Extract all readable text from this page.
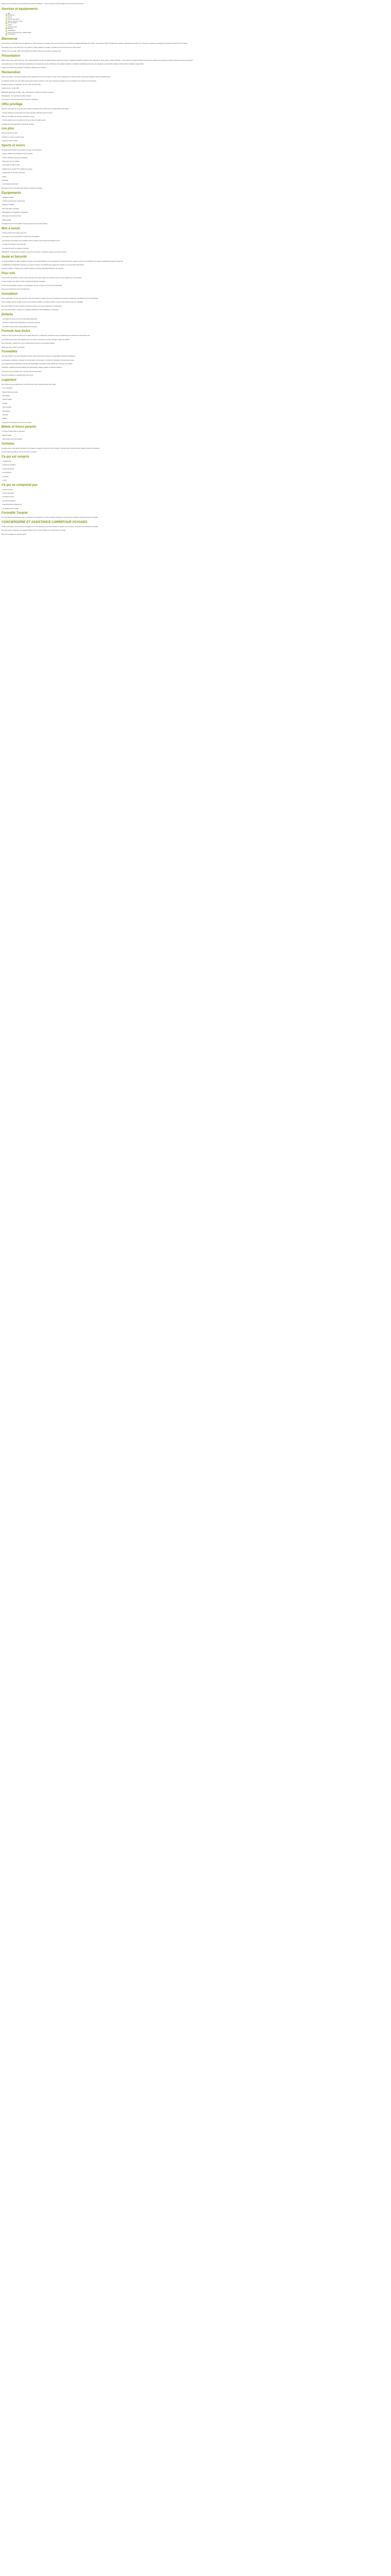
Découvrez le prix camping avec L'Escale des Jaunisoleil à Gaudenès – ce qui vous attend. Formule idéale pour les amoureux de la nature.

Services et équipements
Wifi
Restaurant
Piscine
Pizzeria (en saison)
Sauna - Hammam - Spa
Jeux de boules
Laverie
Terrain de sport
Parcours
Climatisation
Accès aux personnes à mobilité réduite
Conciergerie
Bienvenue

Le Camping Les Jaunisoleils vous accueille dans un cadre verdoyant et ombragé, à deux pas de la rivière et à proximité des villages pittoresques de la région. Vous pourrez profiter d'emplacements spacieux, délimités par des haies, pour votre tente, caravane ou camping-car, ainsi que de mobil-homes tout confort.

Nos équipes sont à votre écoute pour vous garantir un séjour agréable et reposant. L'accueil est ouvert tous les jours en haute saison.

Rendez-vous sur la page "Tarifs" pour découvrir nos offres et réserver votre séjour en quelques clics.

Présentation

Situé au cœur d'une nature préservée, notre camping familial est le point de départ idéal pour découvrir la région : randonnées pédestres, balades à vélo, baignade en rivière, pêche et visites culturelles. Le site s'étend sur plusieurs hectares et propose des espaces verts généreux où petits et grands trouveront leur bonheur.

Les emplacements sont bien délimités et bénéficient pour la plupart d'un accès à l'électricité. Des sanitaires modernes et entretenus quotidiennement sont à votre disposition, avec douches chaudes, lavabos, bacs à vaisselle et espace bébé.

Laissez-vous séduire par l'ambiance conviviale et chaleureuse du camping.

Restauration

Durant votre séjour, vous pourrez profiter de notre restaurant et de son bar, ouverts en saison. Vous y dégusterez une cuisine simple et savoureuse élaborée à partir de produits locaux.

Le restaurant propose une carte variée ainsi que des pizzas à emporter. Le bar, avec sa terrasse ombragée, est un lieu idéal pour se retrouver en fin de journée.

Horaires d'ouverture du restaurant : de 12h à 14h et de 19h à 22h.

Horaires du bar : de 9h à 23h.

Épicerie de dépannage sur place : pain, viennoiseries et produits de première nécessité.

Petit-déjeuner : sur réservation la veille à l'accueil.

Les animaux ne sont pas admis dans l'enceinte du restaurant.

Offre privilège

Réservez votre séjour au moins 30 jours à l'avance et bénéficiez d'une remise sur le montant total de votre séjour.

- 10 % de réduction sur votre séjour pour toute réservation effectuée avant le 31 mars.

Offre non cumulable avec d'autres promotions en cours.

- 15 % de réduction pour les séjours de 14 nuits et plus, hors juillet et août.

Conditions de l'offre disponibles à l'accueil du camping.

Les plus

Accès au bord de la rivière

Animations en soirée en juillet et août

Location de vélos sur place

Sports et loisirs

De nombreuses activités sont proposées sur place et aux alentours :

- Piscine chauffée avec pataugeoire pour les enfants

- Terrain multisports, ping-pong et pétanque

- Aire de jeux pour les enfants

- Club enfants en juillet et août

- Randonnées et circuits VTT au départ du camping

- Canoë-kayak sur la rivière à proximité

- Pêche

- Équitation

- Golf à quelques kilomètres

Renseignements et réservations des activités à l'accueil du camping.

Équipements

- Sanitaires chauffés

- Laverie avec lave-linge et sèche-linge

- Barbecues collectifs

- Point information touristique

- Réfrigérateurs et congélateurs à disposition

- Prêt de jeux de société et livres

- Parking gratuit

Les équipements sont accessibles à tous les campeurs durant toute la saison.

Bon à savoir

- Arrivée à partir de 14h, départ avant 12h.

- Une caution vous sera demandée à l'arrivée pour les locations.

- Les animaux sont acceptés sous conditions, tenus en laisse, et avec carnet de vaccination à jour.

- Le calme est de rigueur entre 22h et 8h.

- Les visiteurs doivent se présenter à l'accueil.

IMPORTANT : la réservation est validée à réception de l'acompte. Le solde est à régler au plus tard à l'arrivée.

Santé et Sécurité

Le camping applique les règles sanitaires en vigueur. Du gel hydroalcoolique est mis à disposition à l'accueil et dans les espaces communs. Les sanitaires sont nettoyés et désinfectés plusieurs fois par jour.

Un défibrillateur est disponible à l'accueil. Les numéros d'urgence sont affichés dans chaque bloc sanitaire et sur le panneau d'informations.

En cas de problème, n'hésitez pas à contacter l'équipe du camping, disponible 24h/24 pour les urgences.

Pour info

Tous les tarifs sont indiqués en euros, taxes comprises, hors taxe de séjour. Ils s'entendent par nuit et par emplacement ou par location.

La taxe de séjour est à régler sur place et dépend de l'âge des occupants.

Les prix sont susceptibles d'évoluer. Le tarif appliqué est celui en vigueur au moment de la réservation.

Nous vous remercions de votre compréhension.

Annulation

En cas d'annulation de votre part, l'acompte versé reste acquis au camping. Nous vous conseillons de souscrire une assurance annulation lors de votre réservation.

Toute annulation doit être notifiée par écrit. En cas d'arrivée retardée ou de départ anticipé, le séjour réservé reste dû dans son intégralité.

En cas d'annulation du fait du camping, les sommes versées vous seront intégralement remboursées.

Pour plus d'informations, consultez nos conditions générales de vente disponibles sur demande.

Enfants

- Les enfants de moins de 2 ans sont accueillis gratuitement.

- Lits bébé et chaises hautes disponibles sur demande à l'accueil.

- Les enfants restent sous la responsabilité de leurs parents.

Formule tout inclus

Profitez de notre formule tout inclus pour un séjour sans souci : emplacement, électricité, accès aux infrastructures et animations compris dans le prix.

Les formules peuvent être personnalisées selon vos envies : demi-pension, pension complète, location de matériel.

Pour les groupes, n'hésitez pas à nous contacter afin de recevoir une proposition adaptée.

Renseignements et tarifs sur demande.

Formalités

Une pièce d'identité vous sera demandée à l'arrivée. Pour les personnes mineures, une autorisation parentale est obligatoire.

La réservation est définitive à réception du contrat signé et de l'acompte. Un email de confirmation vous sera alors envoyé.

Les emplacements sont attribués en fonction des disponibilités. Nous ferons notre possible pour respecter vos souhaits.

A SAVOIR : le paiement peut être effectué par carte bancaire, chèque, espèces ou chèques vacances.

L'accueil est ouvert de 8h30 à 12h et de 14h à 19h en haute saison.

Nous vous souhaitons un agréable séjour parmi nous.

Logement

Nos mobil-homes sont équipés pour vous offrir tout le confort nécessaire durant votre séjour :

- 2 ou 3 chambres

- Salle de bain avec douche

- WC séparés

- Cuisine équipée

- Terrasse

- Salon de jardin

- Climatisation

- Télévision

- Parking

Le linge de lit et de toilette peut être loué sur place.

Bébés et futurs parents

- Lit bébé et chaise haute sur demande

- Baignoire bébé

- Table à langer dans les sanitaires

Activités

En juillet et août, notre équipe d'animation vous propose un programme varié pour toute la famille : tournois sportifs, soirées à thème, karaoké, concerts et spectacles.

Le club enfants accueille les 4-12 ans du lundi au vendredi.

Ce qui est compris

- L'emplacement

- L'accès aux sanitaires

- L'accès à la piscine

- Les animations

- Le parking

- Le Wifi

Ce qui ne comprend pas

- La taxe de séjour

- Les frais de dossier

- La location de linge

- Les activités payantes

- L'électricité (selon emplacement)

- Le ménage de fin de séjour

Formalité Turquie

Les ressortissants français doivent être en possession d'un passeport en cours de validité. Renseignez-vous auprès des autorités compétentes avant votre départ.

CONCIERGERIE ET ASSISTANCE CARREFOUR VOYAGES

Pendant votre séjour, notre service de conciergerie est à votre disposition pour vous conseiller et organiser vos excursions, réservations de restaurants et activités.

En cas de besoin, l'assistance est joignable 24h/24 et 7j/7 au numéro indiqué sur vos documents de voyage.

Nous vous souhaitons un excellent séjour.
